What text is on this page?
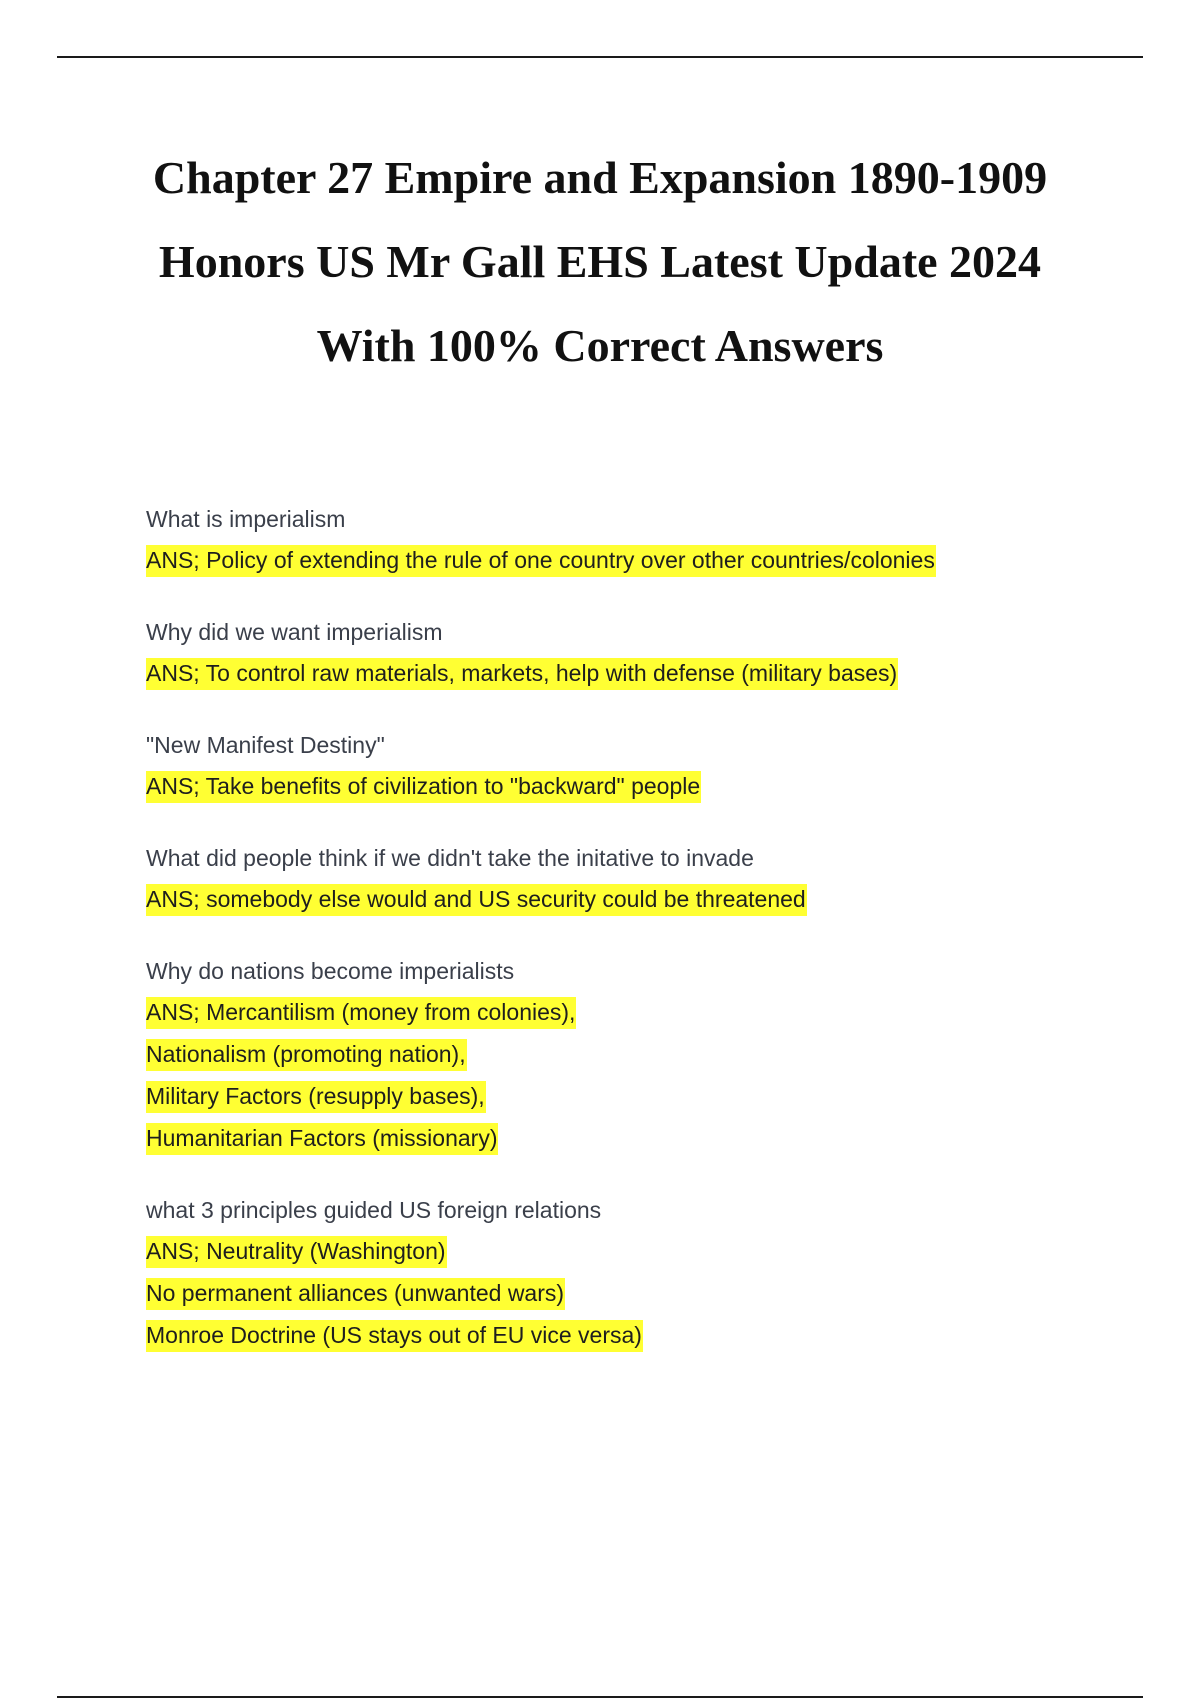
Chapter 27 Empire and Expansion 1890-1909
Honors US Mr Gall EHS Latest Update 2024
With 100% Correct Answers
What is imperialism
ANS; Policy of extending the rule of one country over other countries/colonies
Why did we want imperialism
ANS; To control raw materials, markets, help with defense (military bases)
"New Manifest Destiny"
ANS; Take benefits of civilization to "backward" people
What did people think if we didn't take the initative to invade
ANS; somebody else would and US security could be threatened
Why do nations become imperialists
ANS; Mercantilism (money from colonies),
Nationalism (promoting nation),
Military Factors (resupply bases),
Humanitarian Factors (missionary)
what 3 principles guided US foreign relations
ANS; Neutrality (Washington)
No permanent alliances (unwanted wars)
Monroe Doctrine (US stays out of EU vice versa)
